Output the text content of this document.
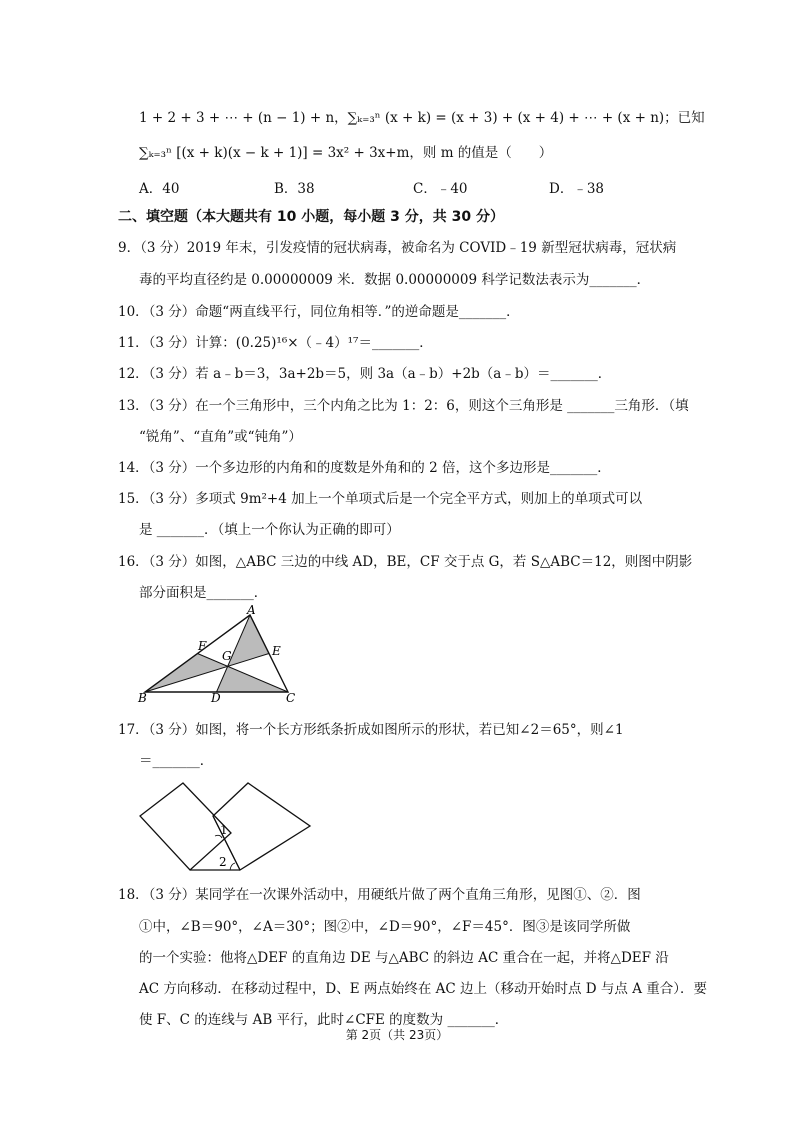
1 + 2 + 3 + ⋯ + (n − 1) + n，∑ₖ₌₃ⁿ (x + k) = (x + 3) + (x + 4) + ⋯ + (x + n)；已知
∑ₖ₌₃ⁿ [(x + k)(x − k + 1)] = 3x² + 3x+m，则 m 的值是（　　）
A．40	B．38	C．﹣40	D．﹣38
二、填空题（本大题共有 10 小题，每小题 3 分，共 30 分）
9．（3 分）2019 年末，引发疫情的冠状病毒，被命名为 COVID﹣19 新型冠状病毒，冠状病
毒的平均直径约是 0.00000009 米．数据 0.00000009 科学记数法表示为_______．
10．（3 分）命题“两直线平行，同位角相等．”的逆命题是_______．
11．（3 分）计算：(0.25)¹⁶×（﹣4）¹⁷＝_______．
12．（3 分）若 a﹣b＝3，3a+2b＝5，则 3a（a﹣b）+2b（a﹣b）＝_______．
13．（3 分）在一个三角形中，三个内角之比为 1：2：6，则这个三角形是 _______三角形．（填
“锐角”、“直角”或“钝角”）
14．（3 分）一个多边形的内角和的度数是外角和的 2 倍，这个多边形是_______．
15．（3 分）多项式 9m²+4 加上一个单项式后是一个完全平方式，则加上的单项式可以
是 _______．（填上一个你认为正确的即可）
16．（3 分）如图，△ABC 三边的中线 AD，BE，CF 交于点 G，若 S△ABC＝12，则图中阴影
部分面积是_______．
A
F
G	E
B	D	C
17．（3 分）如图，将一个长方形纸条折成如图所示的形状，若已知∠2＝65°，则∠1
＝_______．
1
2
18．（3 分）某同学在一次课外活动中，用硬纸片做了两个直角三角形，见图①、②．图
①中，∠B＝90°，∠A＝30°；图②中，∠D＝90°，∠F＝45°．图③是该同学所做
的一个实验：他将△DEF 的直角边 DE 与△ABC 的斜边 AC 重合在一起，并将△DEF 沿
AC 方向移动．在移动过程中，D、E 两点始终在 AC 边上（移动开始时点 D 与点 A 重合）．要
使 F、C 的连线与 AB 平行，此时∠CFE 的度数为 _______．
第 2页（共 23页）
